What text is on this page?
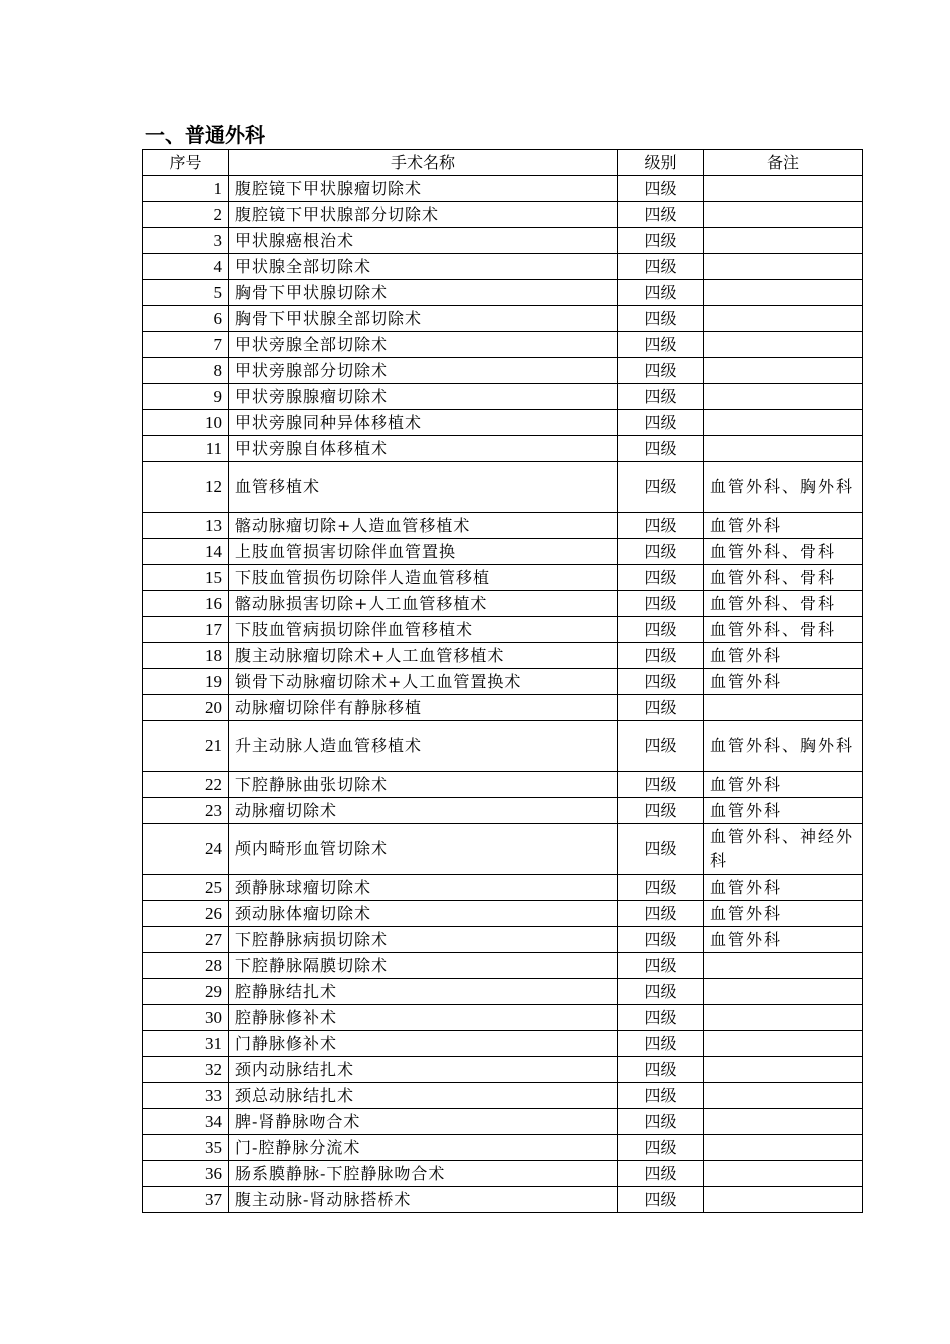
一、普通外科
序号	手术名称	级别	备注
1	腹腔镜下甲状腺瘤切除术	四级	
2	腹腔镜下甲状腺部分切除术	四级	
3	甲状腺癌根治术	四级	
4	甲状腺全部切除术	四级	
5	胸骨下甲状腺切除术	四级	
6	胸骨下甲状腺全部切除术	四级	
7	甲状旁腺全部切除术	四级	
8	甲状旁腺部分切除术	四级	
9	甲状旁腺腺瘤切除术	四级	
10	甲状旁腺同种异体移植术	四级	
11	甲状旁腺自体移植术	四级	
12	血管移植术	四级	血管外科、胸外科
13	髂动脉瘤切除+人造血管移植术	四级	血管外科
14	上肢血管损害切除伴血管置换	四级	血管外科、骨科
15	下肢血管损伤切除伴人造血管移植	四级	血管外科、骨科
16	髂动脉损害切除+人工血管移植术	四级	血管外科、骨科
17	下肢血管病损切除伴血管移植术	四级	血管外科、骨科
18	腹主动脉瘤切除术+人工血管移植术	四级	血管外科
19	锁骨下动脉瘤切除术+人工血管置换术	四级	血管外科
20	动脉瘤切除伴有静脉移植	四级	
21	升主动脉人造血管移植术	四级	血管外科、胸外科
22	下腔静脉曲张切除术	四级	血管外科
23	动脉瘤切除术	四级	血管外科
24	颅内畸形血管切除术	四级	血管外科、神经外科
25	颈静脉球瘤切除术	四级	血管外科
26	颈动脉体瘤切除术	四级	血管外科
27	下腔静脉病损切除术	四级	血管外科
28	下腔静脉隔膜切除术	四级	
29	腔静脉结扎术	四级	
30	腔静脉修补术	四级	
31	门静脉修补术	四级	
32	颈内动脉结扎术	四级	
33	颈总动脉结扎术	四级	
34	脾-肾静脉吻合术	四级	
35	门-腔静脉分流术	四级	
36	肠系膜静脉-下腔静脉吻合术	四级	
37	腹主动脉-肾动脉搭桥术	四级	
